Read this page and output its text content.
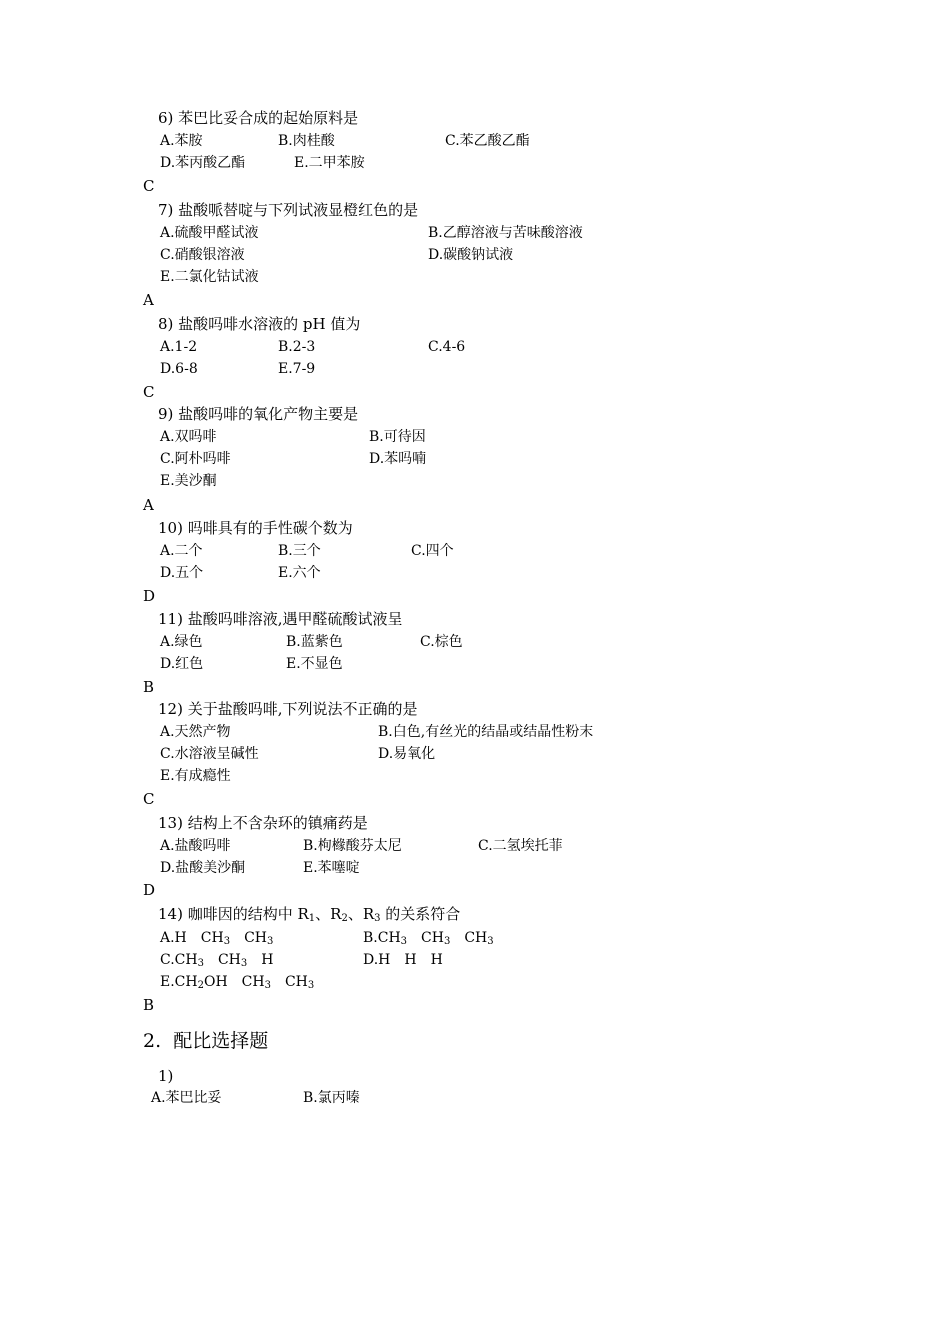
6) 苯巴比妥合成的起始原料是
A.苯胺	B.肉桂酸	C.苯乙酸乙酯
D.苯丙酸乙酯	E.二甲苯胺
C
7) 盐酸哌替啶与下列试液显橙红色的是
A.硫酸甲醛试液	B.乙醇溶液与苦味酸溶液
C.硝酸银溶液	D.碳酸钠试液
E.二氯化钴试液
A
8) 盐酸吗啡水溶液的 pH 值为
A.1-2	B.2-3	C.4-6
D.6-8	E.7-9
C
9) 盐酸吗啡的氧化产物主要是
A.双吗啡	B.可待因
C.阿朴吗啡	D.苯吗喃
E.美沙酮
A
10) 吗啡具有的手性碳个数为
A.二个	B.三个	C.四个
D.五个	E.六个
D
11) 盐酸吗啡溶液,遇甲醛硫酸试液呈
A.绿色	B.蓝紫色	C.棕色
D.红色	E.不显色
B
12) 关于盐酸吗啡,下列说法不正确的是
A.天然产物	B.白色,有丝光的结晶或结晶性粉末
C.水溶液呈碱性	D.易氧化
E.有成瘾性
C
13) 结构上不含杂环的镇痛药是
A.盐酸吗啡	B.枸橼酸芬太尼	C.二氢埃托菲
D.盐酸美沙酮	E.苯噻啶
D
14) 咖啡因的结构中 $R_1$、$R_2$、$R_3$ 的关系符合
A.H $CH_3$ $CH_3$	$B.CH_3$ $CH_3$ $CH_3$
$C.CH_3$ $CH_3$ H	D.H H H
$E.CH_2OH$ $CH_3$ $CH_3$
B
2.  配比选择题
1)
A.苯巴比妥	B.氯丙嗪
